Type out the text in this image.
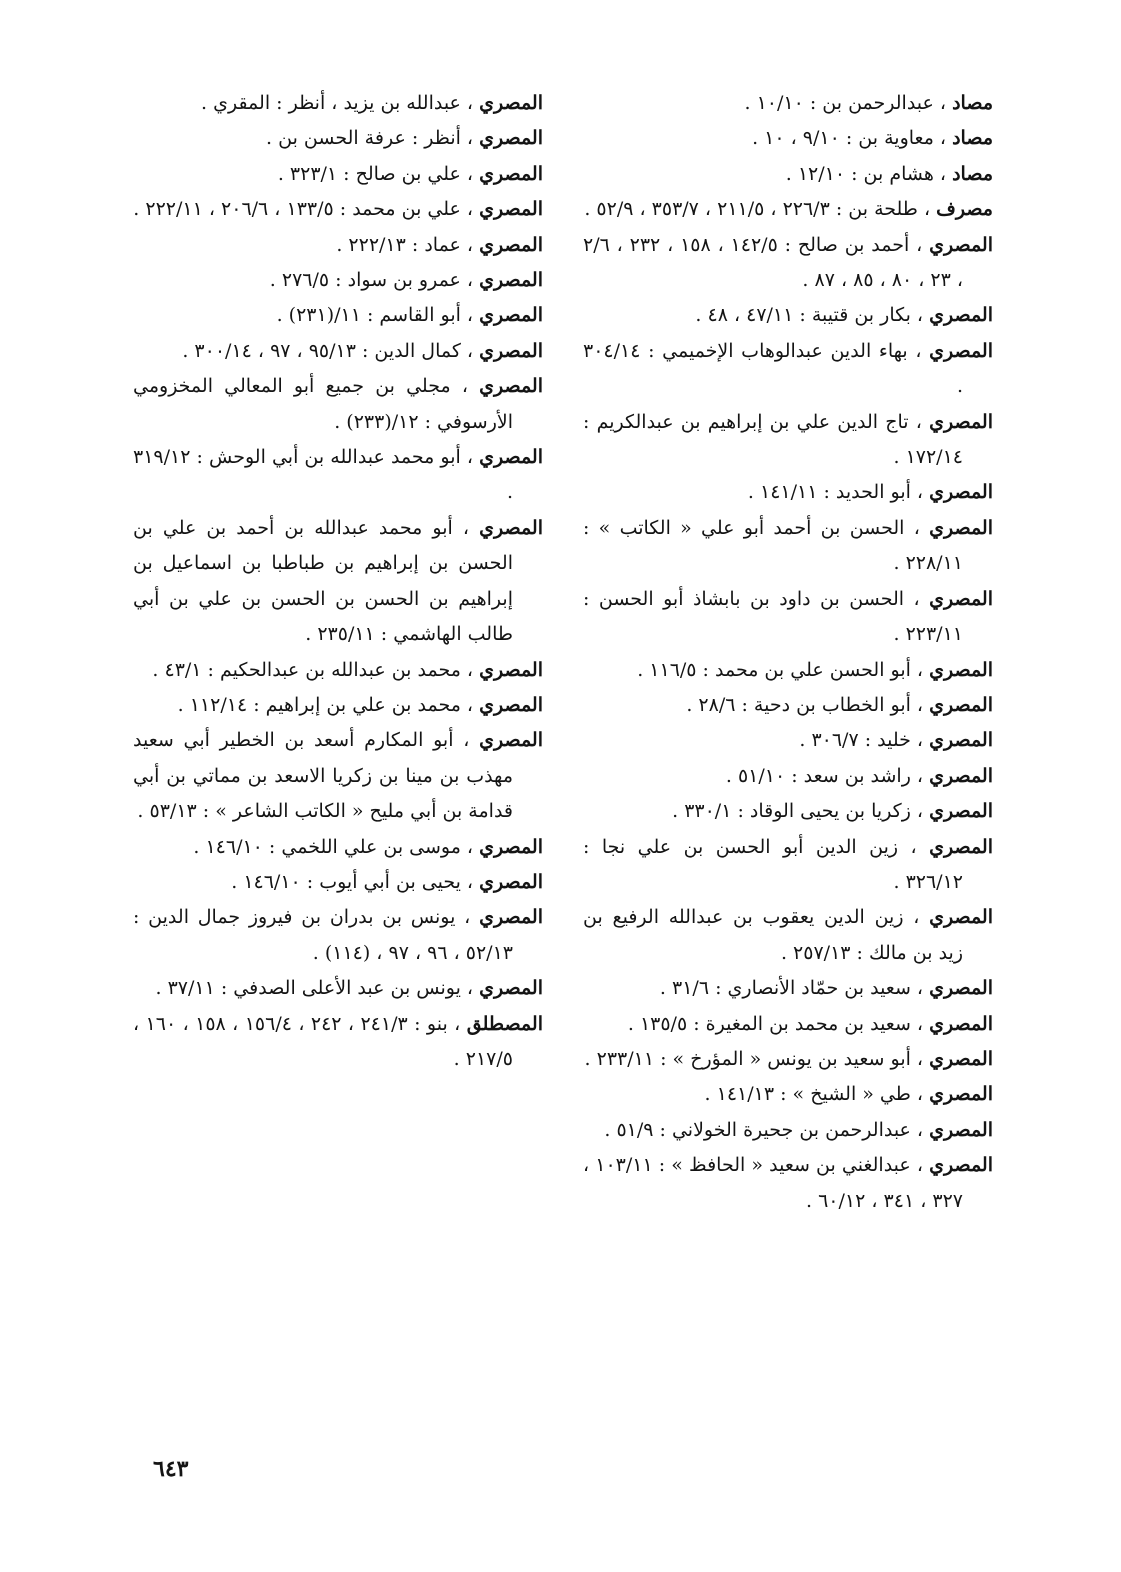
مصاد ، عبدالرحمن بن : ١٠/١٠ .

مصاد ، معاوية بن : ٩/١٠ ، ١٠ .

مصاد ، هشام بن : ١٢/١٠ .

مصرف ، طلحة بن : ٢٢٦/٣ ، ٢١١/٥ ، ٣٥٣/٧ ، ٥٢/٩ .

المصري ، أحمد بن صالح : ١٤٢/٥ ، ١٥٨ ، ٢٣٢ ، ٢/٦ ، ٢٣ ، ٨٠ ، ٨٥ ، ٨٧ .

المصري ، بكار بن قتيبة : ٤٧/١١ ، ٤٨ .

المصري ، بهاء الدين عبدالوهاب الإخميمي : ٣٠٤/١٤ .

المصري ، تاج الدين علي بن إبراهيم بن عبدالكريم : ١٧٢/١٤ .

المصري ، أبو الحديد : ١٤١/١١ .

المصري ، الحسن بن أحمد أبو علي « الكاتب » : ٢٢٨/١١ .

المصري ، الحسن بن داود بن بابشاذ أبو الحسن : ٢٢٣/١١ .

المصري ، أبو الحسن علي بن محمد : ١١٦/٥ .

المصري ، أبو الخطاب بن دحية : ٢٨/٦ .

المصري ، خليد : ٣٠٦/٧ .

المصري ، راشد بن سعد : ٥١/١٠ .

المصري ، زكريا بن يحيى الوقاد : ٣٣٠/١ .

المصري ، زين الدين أبو الحسن بن علي نجا : ٣٢٦/١٢ .

المصري ، زين الدين يعقوب بن عبدالله الرفيع بن زيد بن مالك : ٢٥٧/١٣ .

المصري ، سعيد بن حمّاد الأنصاري : ٣١/٦ .

المصري ، سعيد بن محمد بن المغيرة : ١٣٥/٥ .

المصري ، أبو سعيد بن يونس « المؤرخ » : ٢٣٣/١١ .

المصري ، طي « الشيخ » : ١٤١/١٣ .

المصري ، عبدالرحمن بن جحيرة الخولاني : ٥١/٩ .

المصري ، عبدالغني بن سعيد « الحافظ » : ١٠٣/١١ ، ٣٢٧ ، ٣٤١ ، ٦٠/١٢ .

المصري ، عبدالله بن يزيد ، أنظر : المقري .

المصري ، أنظر : عرفة الحسن بن .

المصري ، علي بن صالح : ٣٢٣/١ .

المصري ، علي بن محمد : ١٣٣/٥ ، ٢٠٦/٦ ، ٢٢٢/١١ .

المصري ، عماد : ٢٢٢/١٣ .

المصري ، عمرو بن سواد : ٢٧٦/٥ .

المصري ، أبو القاسم : ١١/(٢٣١) .

المصري ، كمال الدين : ٩٥/١٣ ، ٩٧ ، ٣٠٠/١٤ .

المصري ، مجلي بن جميع أبو المعالي المخزومي الأرسوفي : ١٢/(٢٣٣) .

المصري ، أبو محمد عبدالله بن أبي الوحش : ٣١٩/١٢ .

المصري ، أبو محمد عبدالله بن أحمد بن علي بن الحسن بن إبراهيم بن طباطبا بن اسماعيل بن إبراهيم بن الحسن بن الحسن بن علي بن أبي طالب الهاشمي : ٢٣٥/١١ .

المصري ، محمد بن عبدالله بن عبدالحكيم : ٤٣/١ .

المصري ، محمد بن علي بن إبراهيم : ١١٢/١٤ .

المصري ، أبو المكارم أسعد بن الخطير أبي سعيد مهذب بن مينا بن زكريا الاسعد بن مماتي بن أبي قدامة بن أبي مليح « الكاتب الشاعر » : ٥٣/١٣ .

المصري ، موسى بن علي اللخمي : ١٤٦/١٠ .

المصري ، يحيى بن أبي أيوب : ١٤٦/١٠ .

المصري ، يونس بن بدران بن فيروز جمال الدين : ٥٢/١٣ ، ٩٦ ، ٩٧ ، (١١٤) .

المصري ، يونس بن عبد الأعلى الصدفي : ٣٧/١١ .

المصطلق ، بنو : ٢٤١/٣ ، ٢٤٢ ، ١٥٦/٤ ، ١٥٨ ، ١٦٠ ، ٢١٧/٥ .

٦٤٣
